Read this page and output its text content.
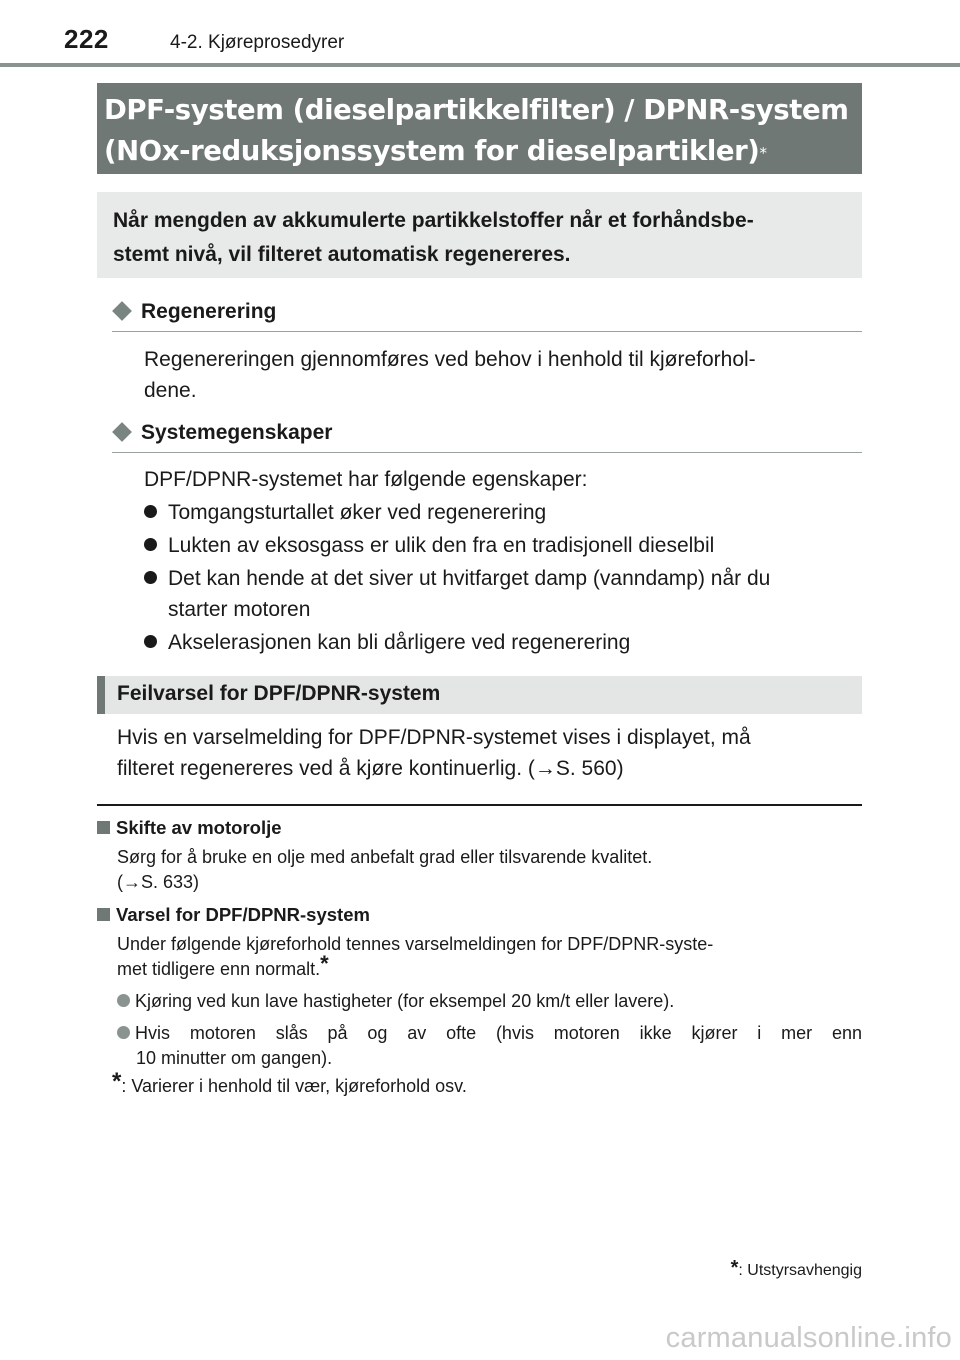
222	4-2. Kjøreprosedyrer
DPF-system (dieselpartikkelfilter) / DPNR-system
(NOx-reduksjonssystem for dieselpartikler)*
Når mengden av akkumulerte partikkelstoffer når et forhåndsbe-
stemt nivå, vil filteret automatisk regenereres.
Regenerering
Regenereringen gjennomføres ved behov i henhold til kjøreforhol-
dene.
Systemegenskaper
DPF/DPNR-systemet har følgende egenskaper:
Tomgangsturtallet øker ved regenerering
Lukten av eksosgass er ulik den fra en tradisjonell dieselbil
Det kan hende at det siver ut hvitfarget damp (vanndamp) når du
starter motoren
Akselerasjonen kan bli dårligere ved regenerering
Feilvarsel for DPF/DPNR-system
Hvis en varselmelding for DPF/DPNR-systemet vises i displayet, må
filteret regenereres ved å kjøre kontinuerlig. (→S. 560)
Skifte av motorolje
Sørg for å bruke en olje med anbefalt grad eller tilsvarende kvalitet.
(→S. 633)
Varsel for DPF/DPNR-system
Under følgende kjøreforhold tennes varselmeldingen for DPF/DPNR-syste-
met tidligere enn normalt.*
Kjøring ved kun lave hastigheter (for eksempel 20 km/t eller lavere).
Hvis motoren slås på og av ofte (hvis motoren ikke kjører i mer enn
10 minutter om gangen).
*: Varierer i henhold til vær, kjøreforhold osv.
*: Utstyrsavhengig
carmanualsonline.info
